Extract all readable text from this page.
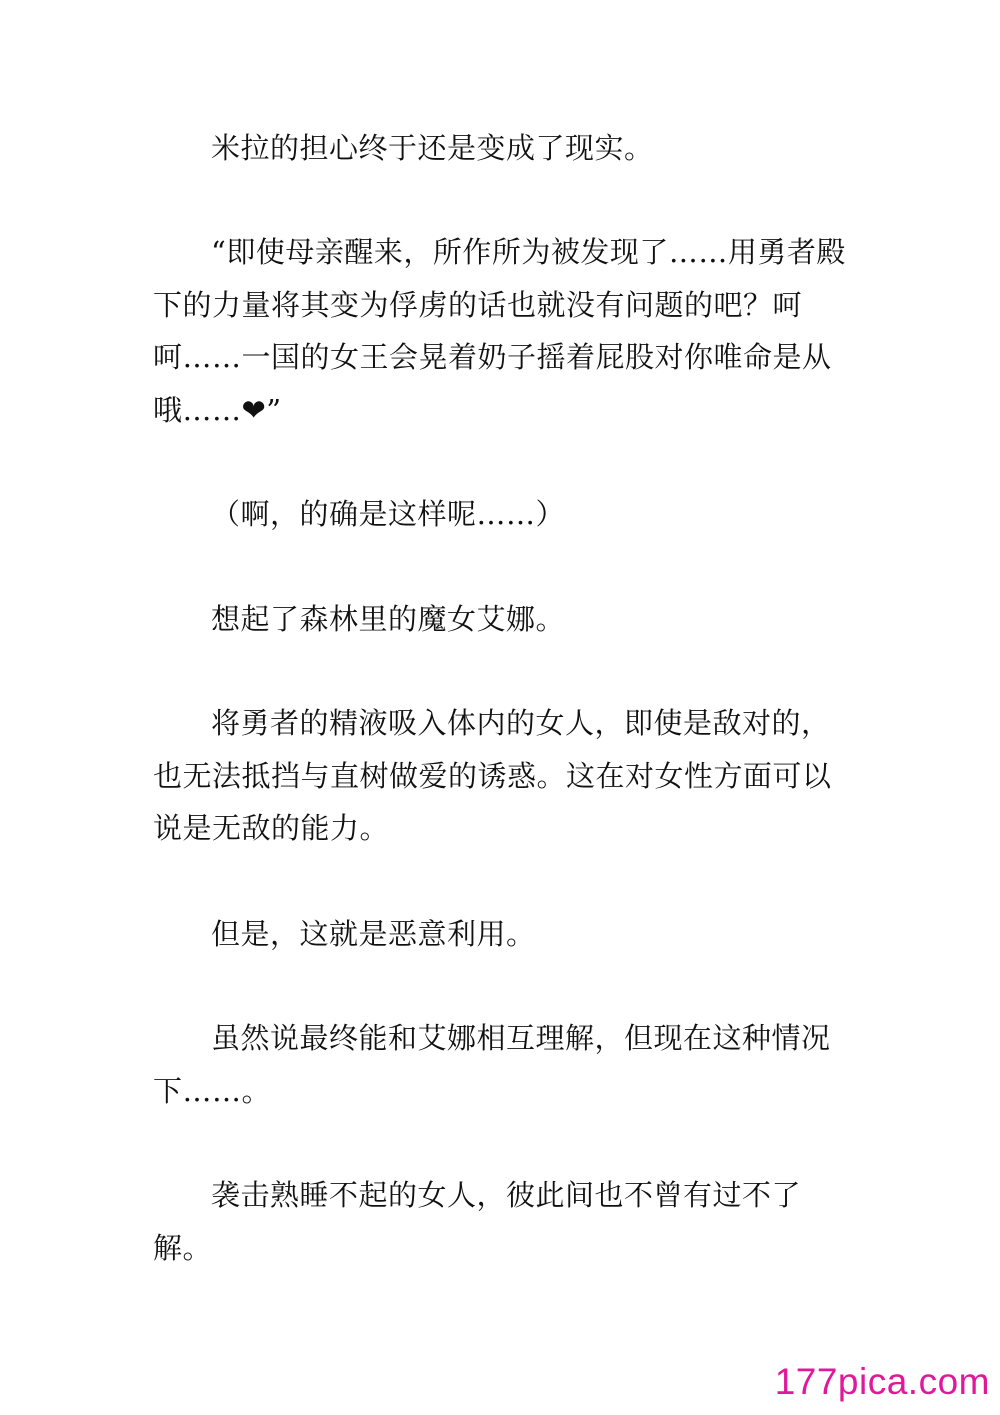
米拉的担心终于还是变成了现实。

“即使母亲醒来，所作所为被发现了……用勇者殿下的力量将其变为俘虏的话也就没有问题的吧？呵呵……一国的女王会晃着奶子摇着屁股对你唯命是从哦……❤”

（啊，的确是这样呢……）

想起了森林里的魔女艾娜。

将勇者的精液吸入体内的女人，即使是敌对的，也无法抵挡与直树做爱的诱惑。这在对女性方面可以说是无敌的能力。

但是，这就是恶意利用。

虽然说最终能和艾娜相互理解，但现在这种情况下……。

袭击熟睡不起的女人，彼此间也不曾有过不了解。

177pica.com
